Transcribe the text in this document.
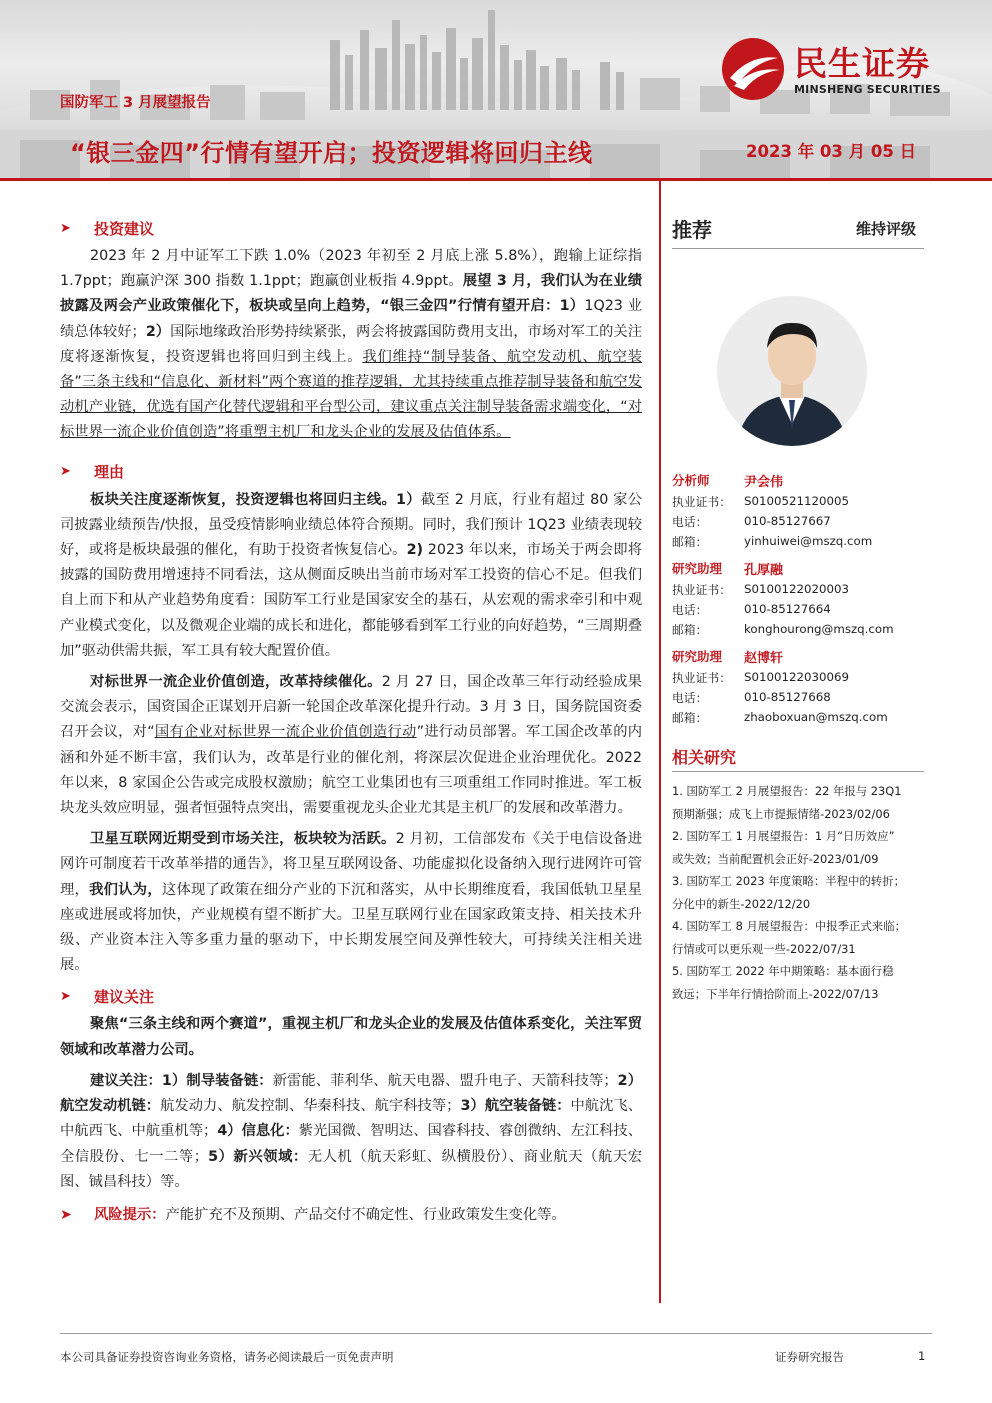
民生证券
MINSHENG SECURITIES
国防军工 3 月展望报告
“银三金四”行情有望开启；投资逻辑将回归主线	2023 年 03 月 05 日
➤	投资建议

2023 年 2 月中证军工下跌 1.0%（2023 年初至 2 月底上涨 5.8%），跑输上证综指 1.7ppt；跑赢沪深 300 指数 1.1ppt；跑赢创业板指 4.9ppt。展望 3 月，我们认为在业绩披露及两会产业政策催化下，板块或呈向上趋势，“银三金四”行情有望开启：1）1Q23 业绩总体较好；2）国际地缘政治形势持续紧张，两会将披露国防费用支出，市场对军工的关注度将逐渐恢复，投资逻辑也将回归到主线上。我们维持“制导装备、航空发动机、航空装备”三条主线和“信息化、新材料”两个赛道的推荐逻辑，尤其持续重点推荐制导装备和航空发动机产业链，优选有国产化替代逻辑和平台型公司，建议重点关注制导装备需求端变化，“对标世界一流企业价值创造”将重塑主机厂和龙头企业的发展及估值体系。

➤	理由

板块关注度逐渐恢复，投资逻辑也将回归主线。1）截至 2 月底，行业有超过 80 家公司披露业绩预告/快报，虽受疫情影响业绩总体符合预期。同时，我们预计 1Q23 业绩表现较好，或将是板块最强的催化，有助于投资者恢复信心。2) 2023 年以来，市场关于两会即将披露的国防费用增速持不同看法，这从侧面反映出当前市场对军工投资的信心不足。但我们自上而下和从产业趋势角度看：国防军工行业是国家安全的基石，从宏观的需求牵引和中观产业模式变化，以及微观企业端的成长和进化，都能够看到军工行业的向好趋势，“三周期叠加”驱动供需共振，军工具有较大配置价值。

对标世界一流企业价值创造，改革持续催化。2 月 27 日，国企改革三年行动经验成果交流会表示，国资国企正谋划开启新一轮国企改革深化提升行动。3 月 3 日，国务院国资委召开会议，对“国有企业对标世界一流企业价值创造行动”进行动员部署。军工国企改革的内涵和外延不断丰富，我们认为，改革是行业的催化剂，将深层次促进企业治理优化。2022 年以来，8 家国企公告或完成股权激励；航空工业集团也有三项重组工作同时推进。军工板块龙头效应明显，强者恒强特点突出，需要重视龙头企业尤其是主机厂的发展和改革潜力。

卫星互联网近期受到市场关注，板块较为活跃。2 月初，工信部发布《关于电信设备进网许可制度若干改革举措的通告》，将卫星互联网设备、功能虚拟化设备纳入现行进网许可管理，我们认为，这体现了政策在细分产业的下沉和落实，从中长期维度看，我国低轨卫星星座或进展或将加快，产业规模有望不断扩大。卫星互联网行业在国家政策支持、相关技术升级、产业资本注入等多重力量的驱动下，中长期发展空间及弹性较大，可持续关注相关进展。

➤	建议关注

聚焦“三条主线和两个赛道”，重视主机厂和龙头企业的发展及估值体系变化，关注军贸领域和改革潜力公司。

建议关注：1）制导装备链：新雷能、菲利华、航天电器、盟升电子、天箭科技等；2）航空发动机链：航发动力、航发控制、华秦科技、航宇科技等；3）航空装备链：中航沈飞、中航西飞、中航重机等；4）信息化：紫光国微、智明达、国睿科技、睿创微纳、左江科技、全信股份、七一二等；5）新兴领域：无人机（航天彩虹、纵横股份）、商业航天（航天宏图、铖昌科技）等。

➤	风险提示：产能扩充不及预期、产品交付不确定性、行业政策发生变化等。
推荐	维持评级
分析师	尹会伟
执业证书：	S0100521120005
电话：	010-85127667
邮箱：	yinhuiwei@mszq.com
研究助理	孔厚融
执业证书：	S0100122020003
电话：	010-85127664
邮箱：	konghourong@mszq.com
研究助理	赵博轩
执业证书：	S0100122030069
电话：	010-85127668
邮箱：	zhaoboxuan@mszq.com
相关研究
1. 国防军工 2 月展望报告：22 年报与 23Q1
预期渐强；成飞上市提振情绪-2023/02/06
2. 国防军工 1 月展望报告：1 月“日历效应”
或失效；当前配置机会正好-2023/01/09
3. 国防军工 2023 年度策略：半程中的转折；
分化中的新生-2022/12/20
4. 国防军工 8 月展望报告：中报季正式来临；
行情或可以更乐观一些-2022/07/31
5. 国防军工 2022 年中期策略：基本面行稳
致远；下半年行情拾阶而上-2022/07/13
本公司具备证券投资咨询业务资格，请务必阅读最后一页免责声明	证券研究报告	1
